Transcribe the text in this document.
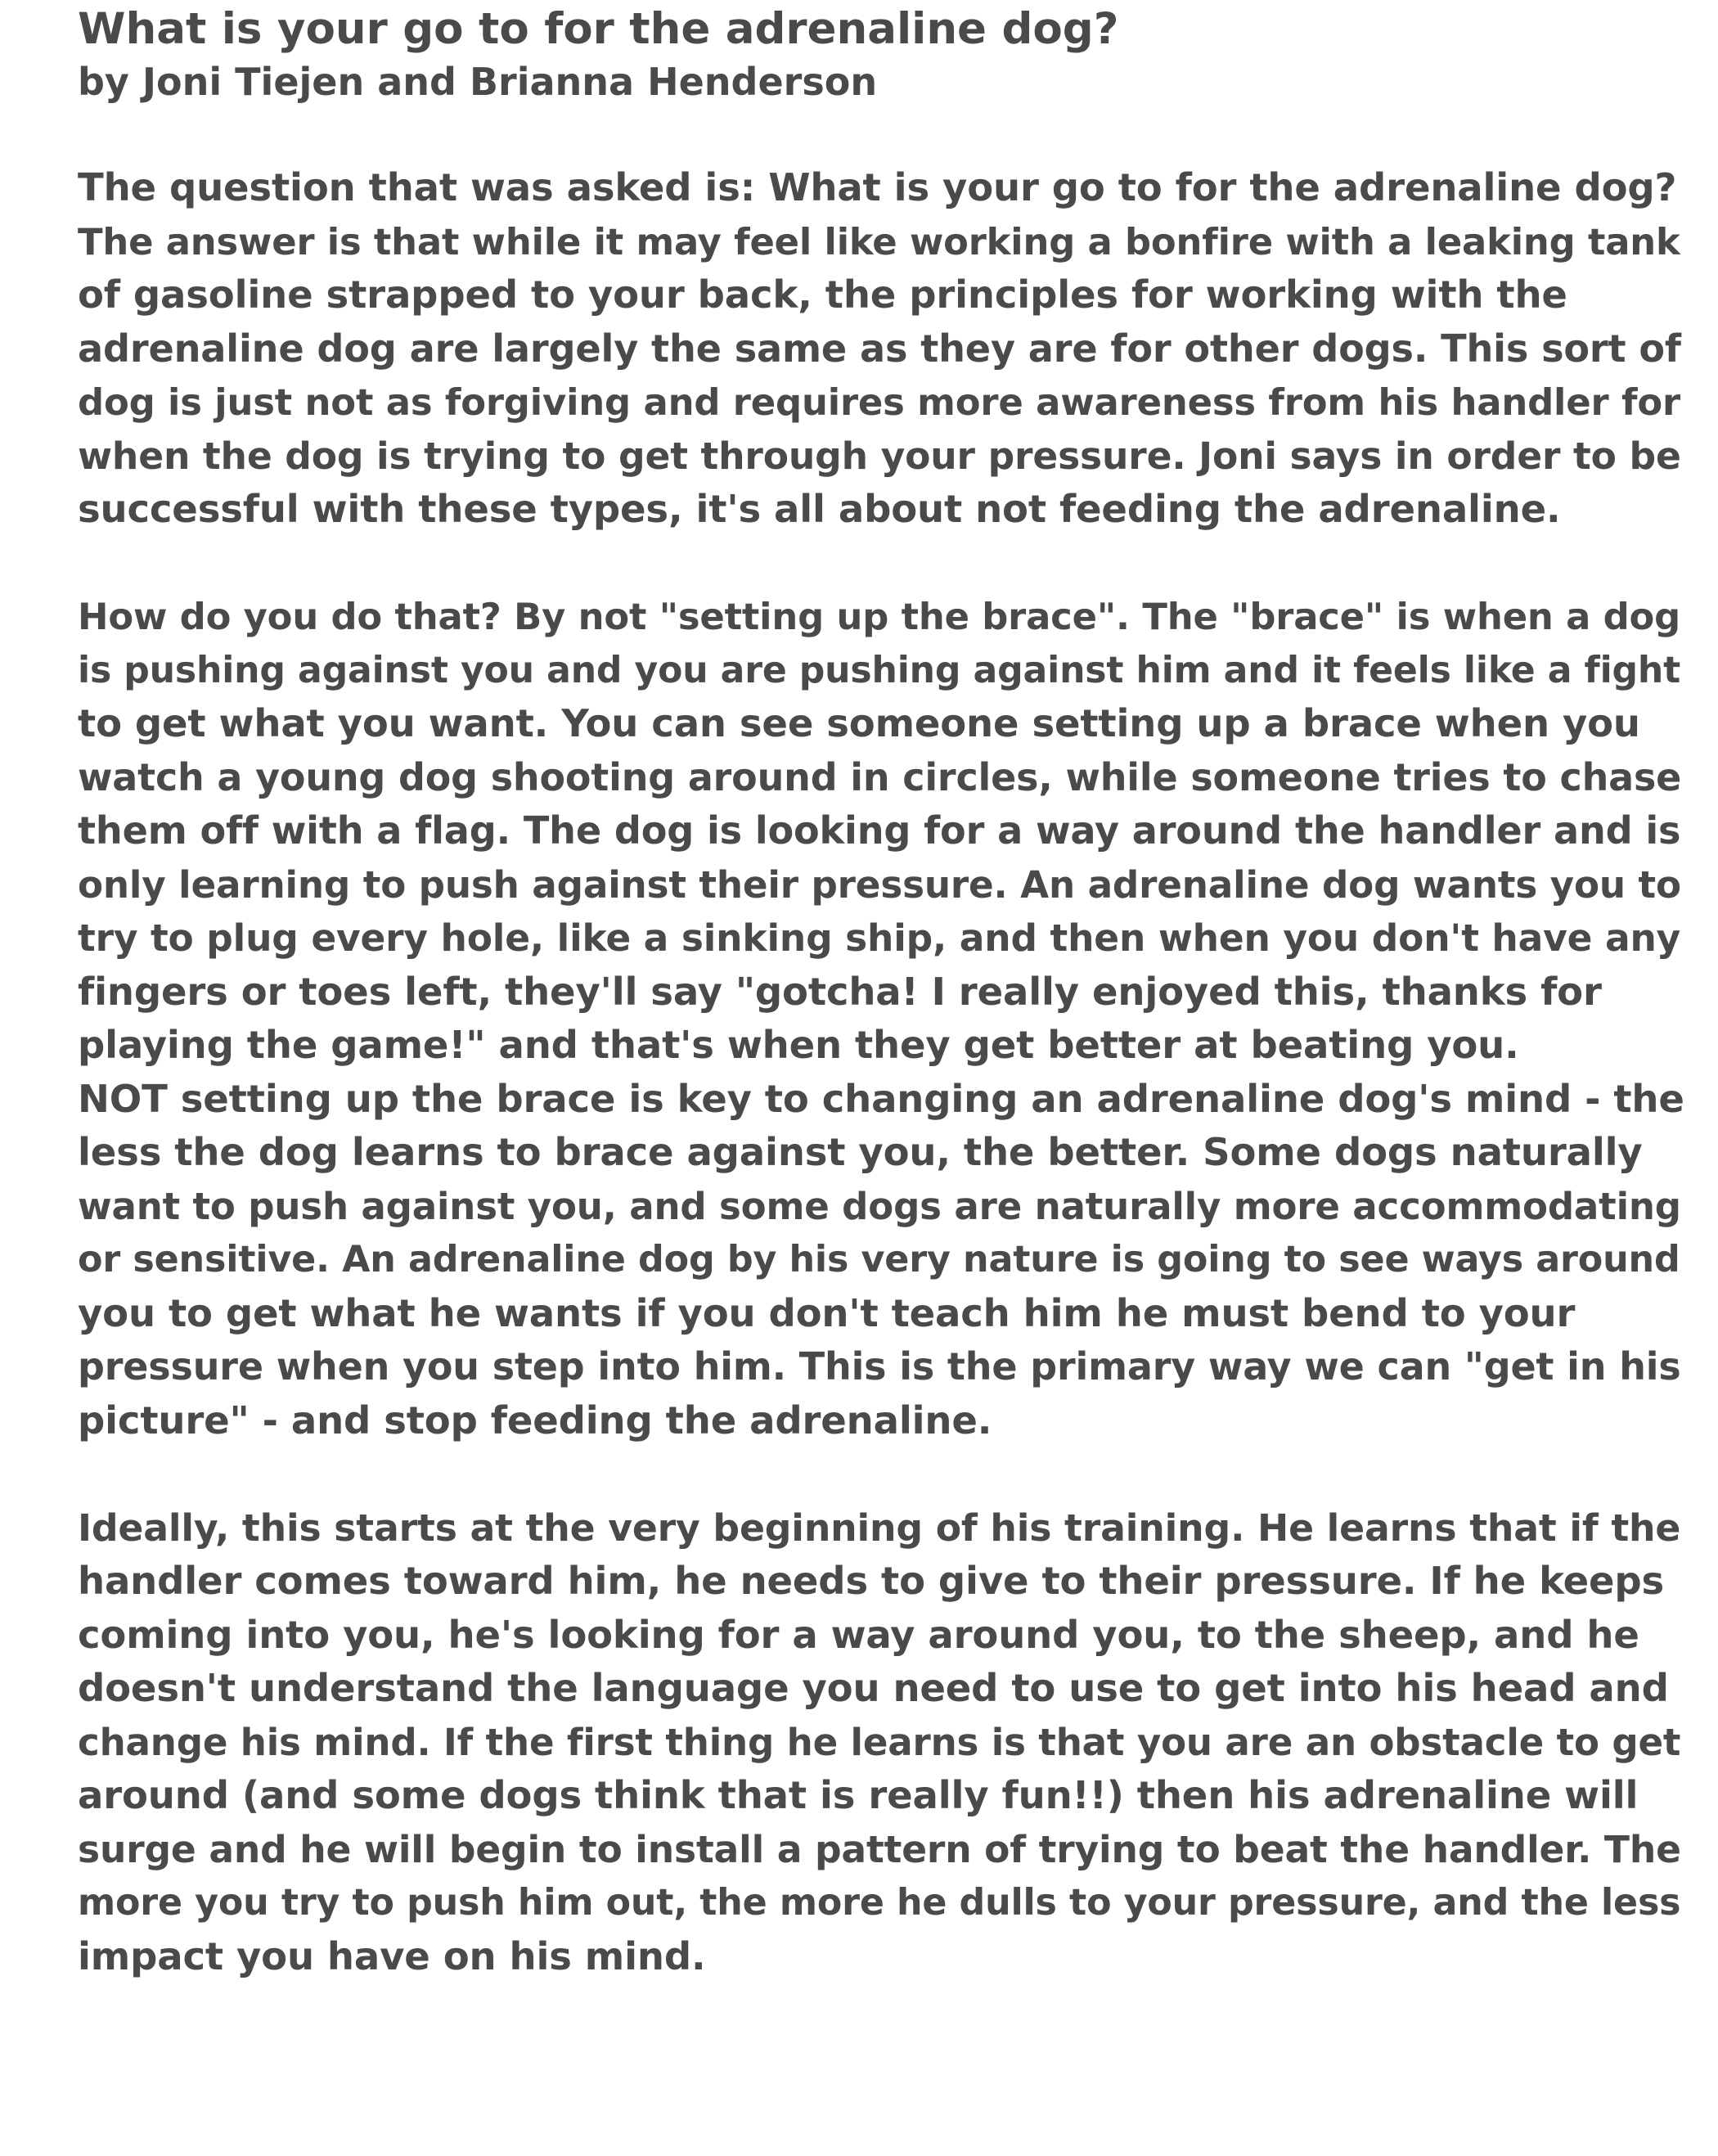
What is your go to for the adrenaline dog?
by Joni Tiejen and Brianna Henderson

The question that was asked is: What is your go to for the adrenaline dog?
The answer is that while it may feel like working a bonfire with a leaking tank
of gasoline strapped to your back, the principles for working with the
adrenaline dog are largely the same as they are for other dogs. This sort of
dog is just not as forgiving and requires more awareness from his handler for
when the dog is trying to get through your pressure. Joni says in order to be
successful with these types, it's all about not feeding the adrenaline.

How do you do that? By not "setting up the brace". The "brace" is when a dog
is pushing against you and you are pushing against him and it feels like a fight
to get what you want. You can see someone setting up a brace when you
watch a young dog shooting around in circles, while someone tries to chase
them off with a flag. The dog is looking for a way around the handler and is
only learning to push against their pressure. An adrenaline dog wants you to
try to plug every hole, like a sinking ship, and then when you don't have any
fingers or toes left, they'll say "gotcha! I really enjoyed this, thanks for
playing the game!" and that's when they get better at beating you.
NOT setting up the brace is key to changing an adrenaline dog's mind - the
less the dog learns to brace against you, the better. Some dogs naturally
want to push against you, and some dogs are naturally more accommodating
or sensitive. An adrenaline dog by his very nature is going to see ways around
you to get what he wants if you don't teach him he must bend to your
pressure when you step into him. This is the primary way we can "get in his
picture" - and stop feeding the adrenaline.

Ideally, this starts at the very beginning of his training. He learns that if the
handler comes toward him, he needs to give to their pressure. If he keeps
coming into you, he's looking for a way around you, to the sheep, and he
doesn't understand the language you need to use to get into his head and
change his mind. If the first thing he learns is that you are an obstacle to get
around (and some dogs think that is really fun!!) then his adrenaline will
surge and he will begin to install a pattern of trying to beat the handler. The
more you try to push him out, the more he dulls to your pressure, and the less
impact you have on his mind.
